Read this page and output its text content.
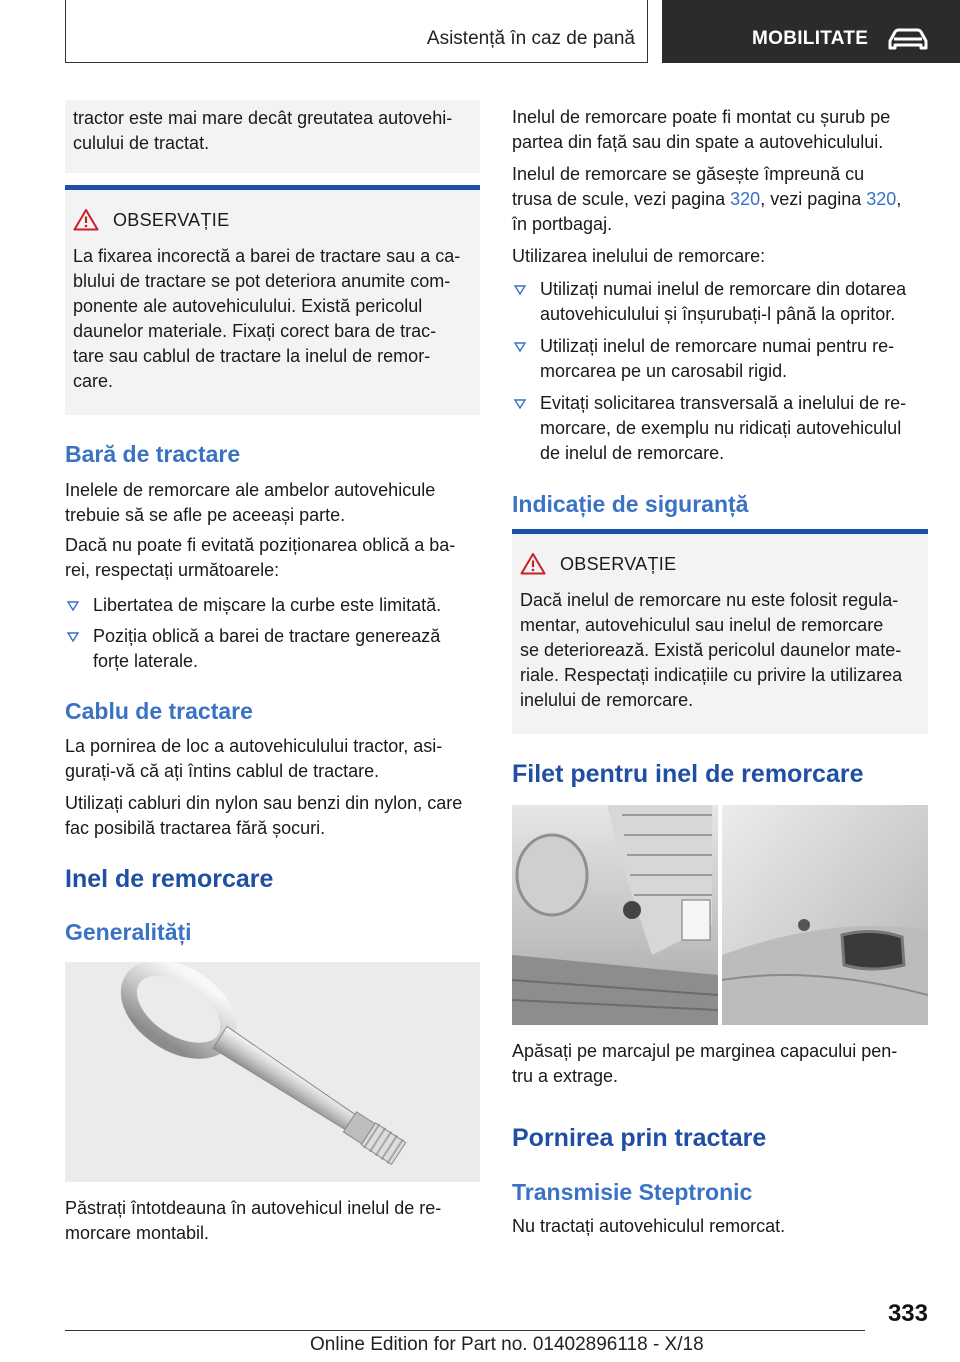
Asistență în caz de pană	MOBILITATE

tractor este mai mare decât greutatea autovehi-
culului de tractat.

OBSERVAȚIE

La fixarea incorectă a barei de tractare sau a ca-
blului de tractare se pot deteriora anumite com-
ponente ale autovehiculului. Există pericolul
daunelor materiale. Fixați corect bara de trac-
tare sau cablul de tractare la inelul de remor-
care.

Bară de tractare

Inelele de remorcare ale ambelor autovehicule
trebuie să se afle pe aceeași parte.

Dacă nu poate fi evitată poziționarea oblică a ba-
rei, respectați următoarele:

Libertatea de mișcare la curbe este limitată.

Poziția oblică a barei de tractare generează
forțe laterale.

Cablu de tractare

La pornirea de loc a autovehiculului tractor, asi-
gurați-vă că ați întins cablul de tractare.

Utilizați cabluri din nylon sau benzi din nylon, care
fac posibilă tractarea fără șocuri.

Inel de remorcare
Generalități

Păstrați întotdeauna în autovehicul inelul de re-
morcare montabil.

Inelul de remorcare poate fi montat cu șurub pe
partea din față sau din spate a autovehiculului.

Inelul de remorcare se găsește împreună cu
trusa de scule, vezi pagina 320, vezi pagina 320,
în portbagaj.

Utilizarea inelului de remorcare:

Utilizați numai inelul de remorcare din dotarea
autovehiculului și înșurubați-l până la opritor.

Utilizați inelul de remorcare numai pentru re-
morcarea pe un carosabil rigid.

Evitați solicitarea transversală a inelului de re-
morcare, de exemplu nu ridicați autovehiculul
de inelul de remorcare.

Indicație de siguranță
OBSERVAȚIE

Dacă inelul de remorcare nu este folosit regula-
mentar, autovehiculul sau inelul de remorcare
se deteriorează. Există pericolul daunelor mate-
riale. Respectați indicațiile cu privire la utilizarea
inelului de remorcare.

Filet pentru inel de remorcare

Apăsați pe marcajul pe marginea capacului pen-
tru a extrage.

Pornirea prin tractare
Transmisie Steptronic

Nu tractați autovehiculul remorcat.

333
Online Edition for Part no. 01402896118 - X/18
